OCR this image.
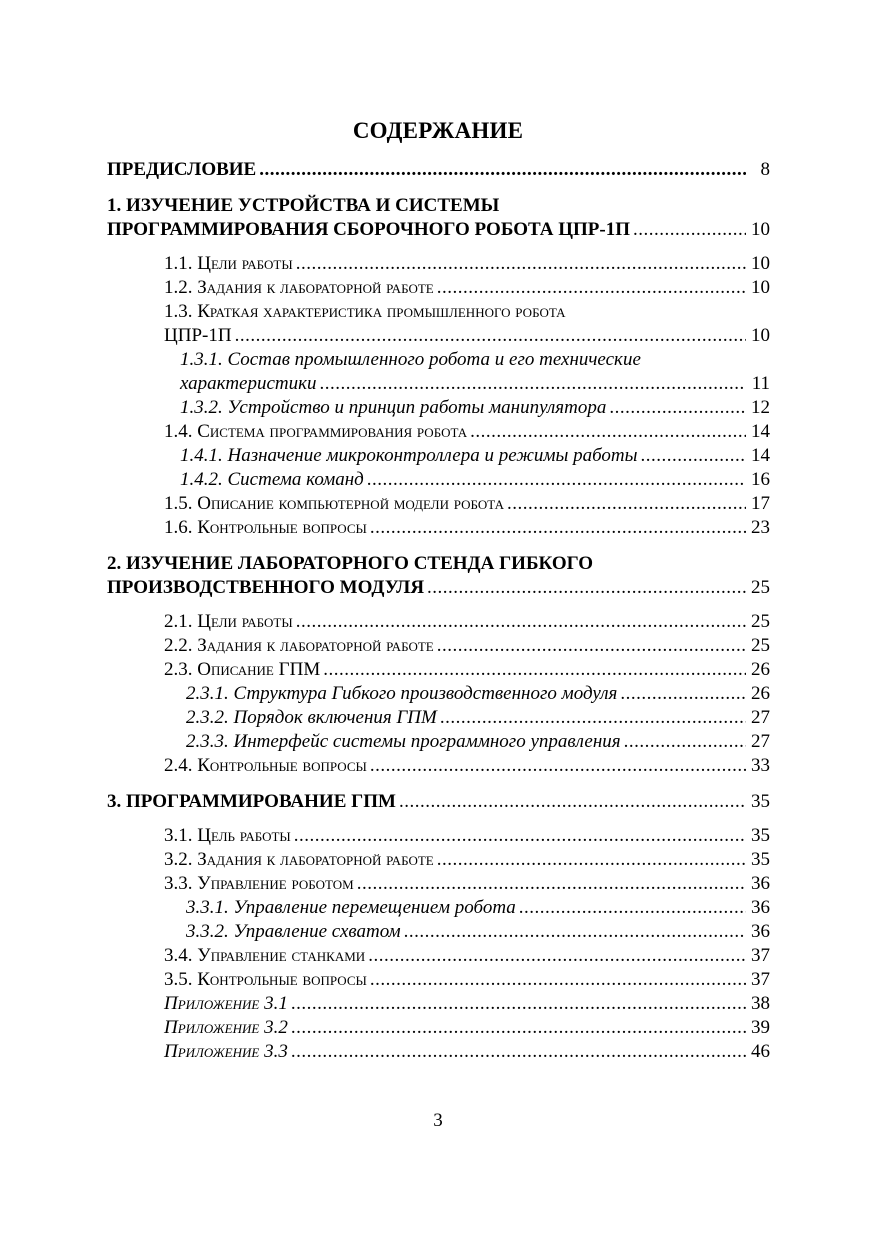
СОДЕРЖАНИЕ
ПРЕДИСЛОВИЕ .....	8
1. ИЗУЧЕНИЕ УСТРОЙСТВА И СИСТЕМЫ
ПРОГРАММИРОВАНИЯ СБОРОЧНОГО РОБОТА ЦПР-1П .....	10
1.1. Цели работы .....	10
1.2. Задания к лабораторной работе .....	10
1.3. Краткая характеристика промышленного робота
ЦПР-1П .....	10
1.3.1. Состав промышленного робота и его технические
характеристики .....	11
1.3.2. Устройство и принцип работы манипулятора .....	12
1.4. Система программирования робота .....	14
1.4.1. Назначение микроконтроллера и режимы работы .....	14
1.4.2. Система команд .....	16
1.5. Описание компьютерной модели робота .....	17
1.6. Контрольные вопросы .....	23
2. ИЗУЧЕНИЕ ЛАБОРАТОРНОГО СТЕНДА ГИБКОГО
ПРОИЗВОДСТВЕННОГО МОДУЛЯ .....	25
2.1. Цели работы .....	25
2.2. Задания к лабораторной работе .....	25
2.3. Описание ГПМ .....	26
2.3.1. Структура Гибкого производственного модуля .....	26
2.3.2. Порядок включения ГПМ .....	27
2.3.3. Интерфейс системы программного управления .....	27
2.4. Контрольные вопросы .....	33
3. ПРОГРАММИРОВАНИЕ ГПМ .....	35
3.1. Цель работы .....	35
3.2. Задания к лабораторной работе .....	35
3.3. Управление роботом .....	36
3.3.1. Управление перемещением робота .....	36
3.3.2. Управление схватом .....	36
3.4. Управление станками .....	37
3.5. Контрольные вопросы .....	37
Приложение 3.1 .....	38
Приложение 3.2 .....	39
Приложение 3.3 .....	46
3
